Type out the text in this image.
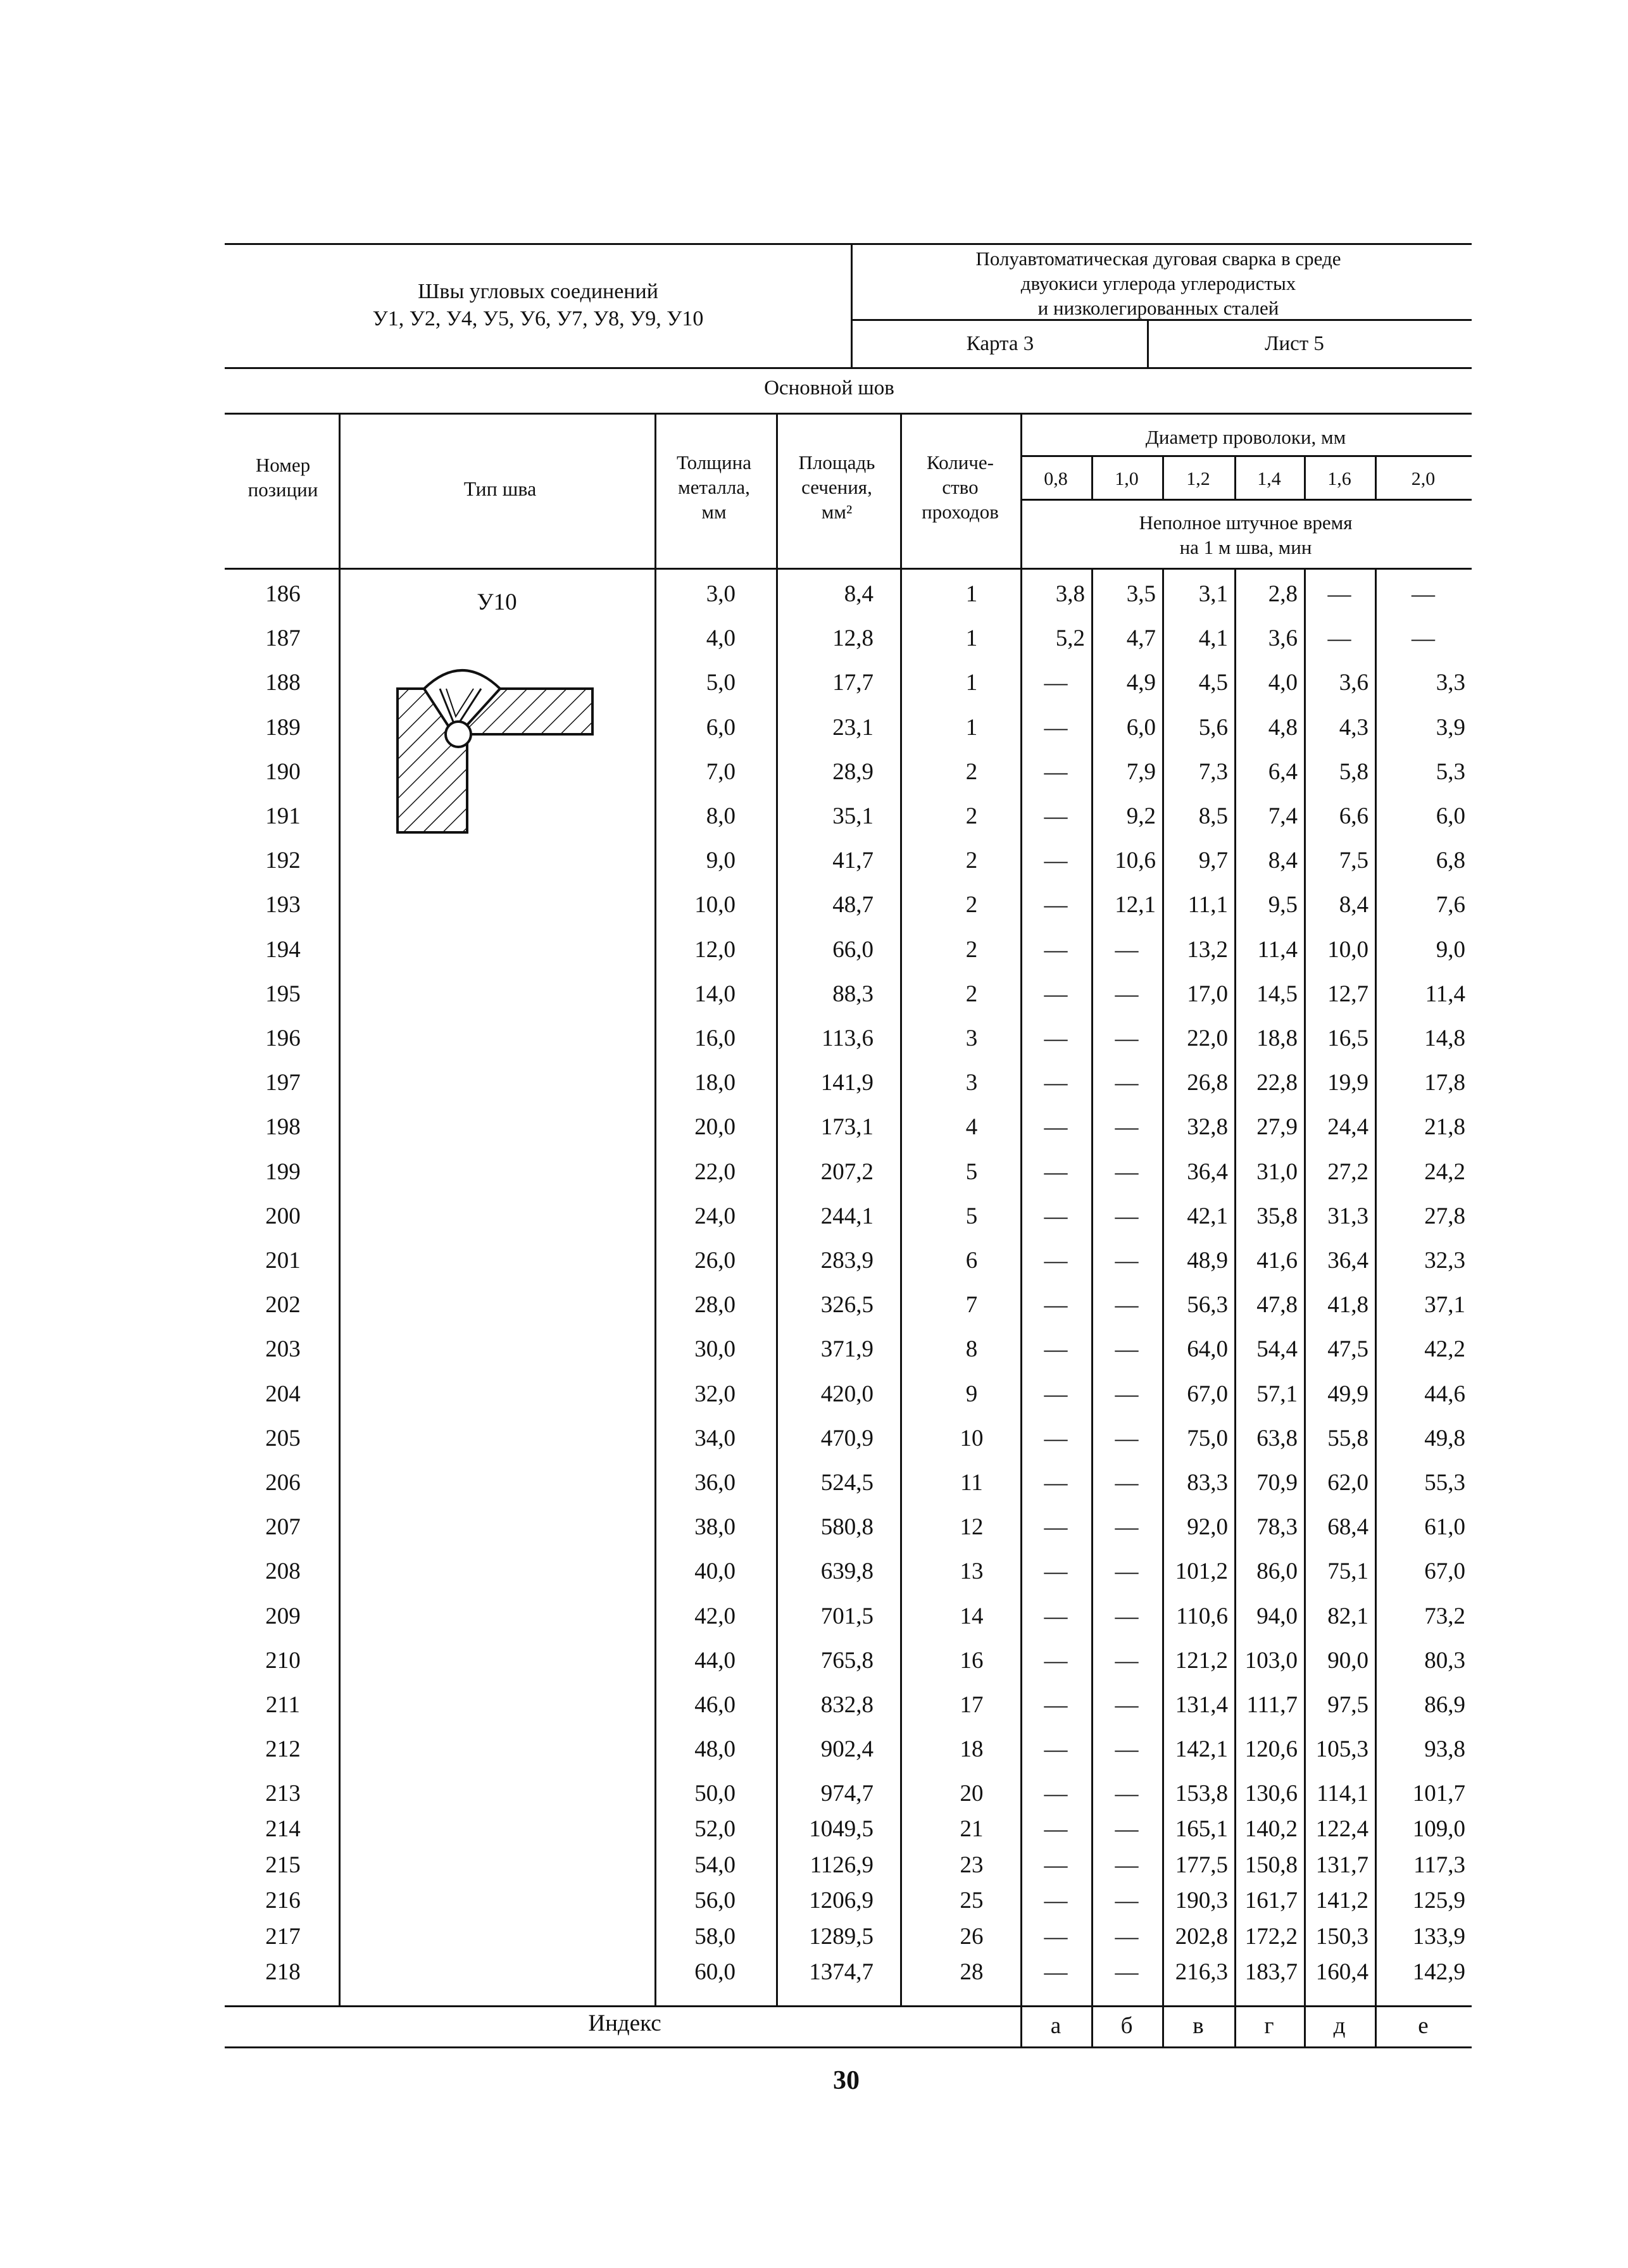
Швы угловых соединений
У1, У2, У4, У5, У6, У7, У8, У9, У10
Полуавтоматическая дуговая сварка в среде
двуокиси углерода углеродистых
и низколегированных сталей
Карта 3	Лист 5
Основной шов
Номер
позиции	Тип шва
Толщина
металла,
мм
Площадь
сечения,
мм²
Количе-
ство
проходов
Диаметр проволоки, мм
0,8 1,0	1,2 1,4 1,6	2,0
Неполное штучное время
на 1 м шва, мин
У10
186	3,0	8,4	1	3,8 3,5 3,1 2,8 —	—
187	4,0	12,8	1	5,2 4,7 4,1 3,6 —	—
188	5,0	17,7	1	—	4,9 4,5 4,0 3,6	3,3
189	6,0	23,1	1	—	6,0 5,6 4,8 4,3	3,9
190	7,0	28,9	2	—	7,9 7,3 6,4 5,8	5,3
191	8,0	35,1	2	—	9,2 8,5 7,4 6,6	6,0
192	9,0	41,7	2	— 10,6 9,7 8,4 7,5	6,8
193	10,0	48,7	2	— 12,1 11,1 9,5 8,4	7,6
194	12,0	66,0	2	— — 13,2 11,4 10,0	9,0
195	14,0	88,3	2	— — 17,0 14,5 12,7 11,4
196	16,0	113,6	3	— — 22,0 18,8 16,5 14,8
197	18,0	141,9	3	— — 26,8 22,8 19,9 17,8
198	20,0	173,1	4	— — 32,8 27,9 24,4 21,8
199	22,0	207,2	5	— — 36,4 31,0 27,2 24,2
200	24,0	244,1	5	— — 42,1 35,8 31,3 27,8
201	26,0	283,9	6	— — 48,9 41,6 36,4 32,3
202	28,0	326,5	7	— — 56,3 47,8 41,8 37,1
203	30,0	371,9	8	— — 64,0 54,4 47,5 42,2
204	32,0	420,0	9	— — 67,0 57,1 49,9 44,6
205	34,0	470,9	10	— — 75,0 63,8 55,8 49,8
206	36,0	524,5	11	— — 83,3 70,9 62,0 55,3
207	38,0	580,8	12	— — 92,0 78,3 68,4 61,0
208	40,0	639,8	13	— — 101,2 86,0 75,1 67,0
209	42,0	701,5	14	— — 110,6 94,0 82,1 73,2
210	44,0	765,8	16	— — 121,2 103,0 90,0 80,3
211	46,0	832,8	17	— — 131,4 111,7 97,5 86,9
212	48,0	902,4	18	— — 142,1 120,6 105,3 93,8
213	50,0	974,7	20	— — 153,8 130,6 114,1 101,7
214	52,0	1049,5	21	— — 165,1 140,2 122,4 109,0
215	54,0	1126,9	23	— — 177,5 150,8 131,7 117,3
216	56,0	1206,9	25	— — 190,3 161,7 141,2 125,9
217	58,0	1289,5	26	— — 202,8 172,2 150,3 133,9
218	60,0	1374,7	28	— — 216,3 183,7 160,4 142,9
Индекс	а	б	в	г	д	е
30
